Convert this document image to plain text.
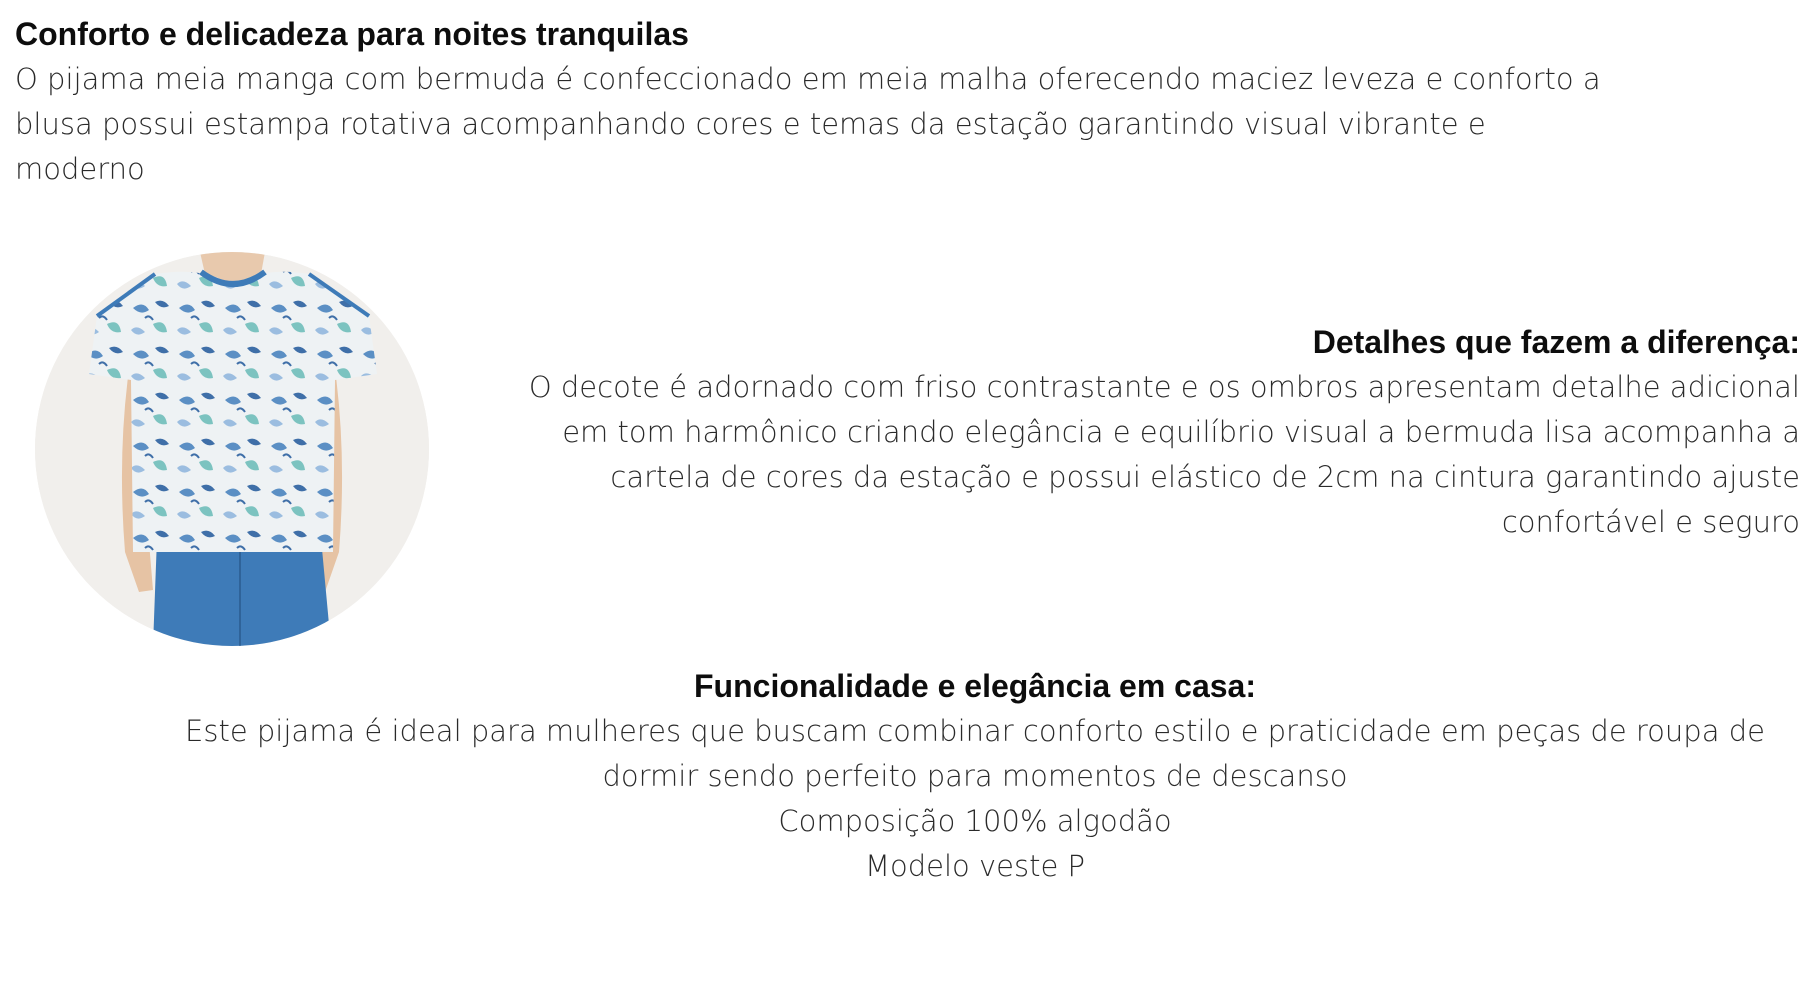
Conforto e delicadeza para noites tranquilas

O pijama meia manga com bermuda é confeccionado em meia malha oferecendo maciez leveza e conforto a

blusa possui estampa rotativa acompanhando cores e temas da estação garantindo visual vibrante e

moderno

Detalhes que fazem a diferença:

O decote é adornado com friso contrastante e os ombros apresentam detalhe adicional

em tom harmônico criando elegância e equilíbrio visual a bermuda lisa acompanha a

cartela de cores da estação e possui elástico de 2cm na cintura garantindo ajuste

confortável e seguro

Funcionalidade e elegância em casa:

Este pijama é ideal para mulheres que buscam combinar conforto estilo e praticidade em peças de roupa de

dormir sendo perfeito para momentos de descanso

Composição 100% algodão

Modelo veste P
